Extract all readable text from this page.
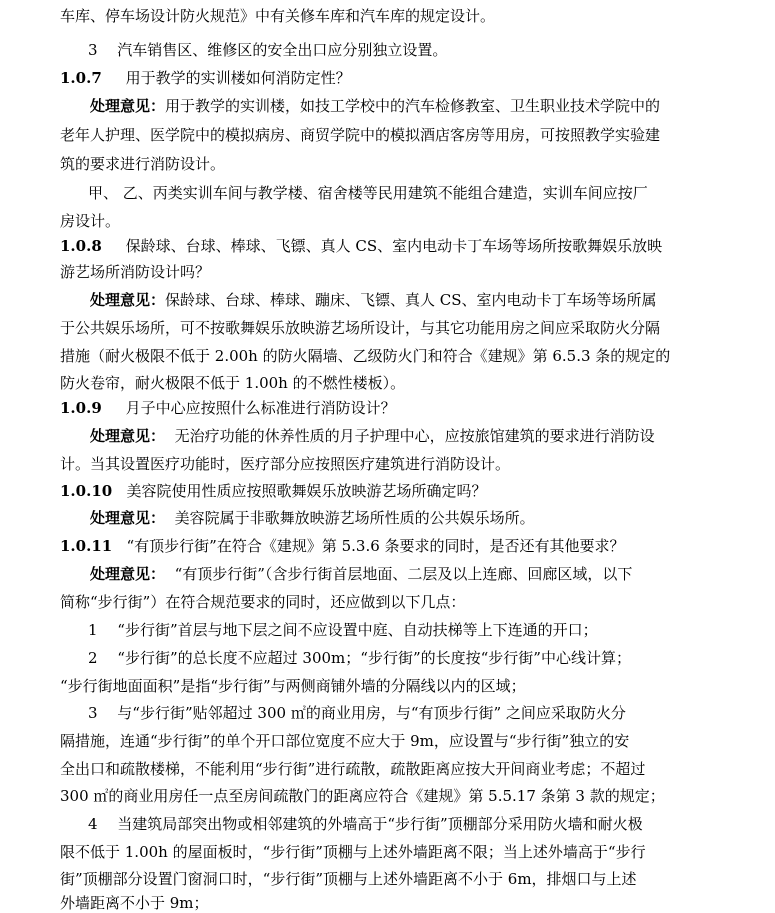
车库、停车场设计防火规范》中有关修车库和汽车库的规定设计。
3　 汽车销售区、维修区的安全出口应分别独立设置。
1.0.7 用于教学的实训楼如何消防定性？
处理意见：用于教学的实训楼，如技工学校中的汽车检修教室、卫生职业技术学院中的
老年人护理、医学院中的模拟病房、商贸学院中的模拟酒店客房等用房，可按照教学实验建
筑的要求进行消防设计。
甲、 乙、丙类实训车间与教学楼、宿舍楼等民用建筑不能组合建造，实训车间应按厂
房设计。
1.0.8 保龄球、台球、棒球、飞镖、真人 CS、室内电动卡丁车场等场所按歌舞娱乐放映
游艺场所消防设计吗？
处理意见：保龄球、台球、棒球、蹦床、飞镖、真人 CS、室内电动卡丁车场等场所属
于公共娱乐场所，可不按歌舞娱乐放映游艺场所设计，与其它功能用房之间应采取防火分隔
措施（耐火极限不低于 2.00h 的防火隔墙、乙级防火门和符合《建规》第 6.5.3 条的规定的
防火卷帘，耐火极限不低于 1.00h 的不燃性楼板）。
1.0.9 月子中心应按照什么标准进行消防设计？
处理意见： 无治疗功能的休养性质的月子护理中心，应按旅馆建筑的要求进行消防设
计。当其设置医疗功能时，医疗部分应按照医疗建筑进行消防设计。
1.0.10 美容院使用性质应按照歌舞娱乐放映游艺场所确定吗？
处理意见： 美容院属于非歌舞放映游艺场所性质的公共娱乐场所。
1.0.11 “有顶步行街”在符合《建规》第 5.3.6 条要求的同时，是否还有其他要求？
处理意见： “有顶步行街”（含步行街首层地面、二层及以上连廊、回廊区域，以下
简称“步行街”）在符合规范要求的同时，还应做到以下几点：
1　 “步行街”首层与地下层之间不应设置中庭、自动扶梯等上下连通的开口；
2　 “步行街”的总长度不应超过 300m；“步行街”的长度按“步行街”中心线计算；
“步行街地面面积”是指“步行街”与两侧商铺外墙的分隔线以内的区域；
3　 与“步行街”贴邻超过 300 ㎡的商业用房，与“有顶步行街” 之间应采取防火分
隔措施，连通“步行街”的单个开口部位宽度不应大于 9m，应设置与“步行街”独立的安
全出口和疏散楼梯，不能利用“步行街”进行疏散，疏散距离应按大开间商业考虑；不超过
300 ㎡的商业用房任一点至房间疏散门的距离应符合《建规》第 5.5.17 条第 3 款的规定；
4　 当建筑局部突出物或相邻建筑的外墙高于“步行街”顶棚部分采用防火墙和耐火极
限不低于 1.00h 的屋面板时，“步行街”顶棚与上述外墙距离不限；当上述外墙高于“步行
街”顶棚部分设置门窗洞口时，“步行街”顶棚与上述外墙距离不小于 6m，排烟口与上述
外墙距离不小于 9m；
